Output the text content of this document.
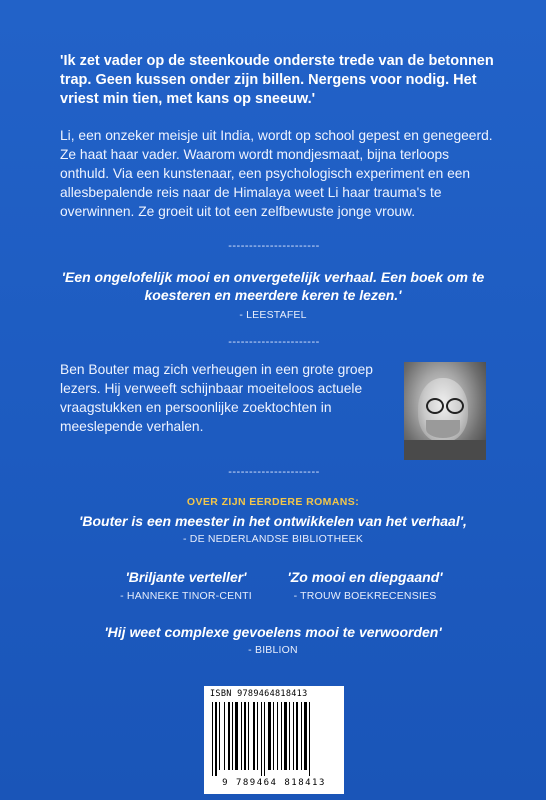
'Ik zet vader op de steenkoude onderste trede van de betonnen trap. Geen kussen onder zijn billen. Nergens voor nodig. Het vriest min tien, met kans op sneeuw.'
Li, een onzeker meisje uit India, wordt op school gepest en genegeerd. Ze haat haar vader. Waarom wordt mondjesmaat, bijna terloops onthuld. Via een kunstenaar, een psychologisch experiment en een allesbepalende reis naar de Himalaya weet Li haar trauma's te overwinnen. Ze groeit uit tot een zelfbewuste jonge vrouw.
----------------------
'Een ongelofelijk mooi en onvergetelijk verhaal. Een boek om te koesteren en meerdere keren te lezen.'
- LEESTAFEL
----------------------
Ben Bouter mag zich verheugen in een grote groep lezers. Hij verweeft schijnbaar moeiteloos actuele vraagstukken en persoonlijke zoektochten in meeslepende verhalen.
----------------------
OVER ZIJN EERDERE ROMANS:
'Bouter is een meester in het ontwikkelen van het verhaal',
- DE NEDERLANDSE BIBLIOTHEEK
'Briljante verteller'
- HANNEKE TINOR-CENTI
'Zo mooi en diepgaand'
- TROUW BOEKRECENSIES
'Hij weet complexe gevoelens mooi te verwoorden'
- BIBLION
ISBN 9789464818413
9 789464 818413
